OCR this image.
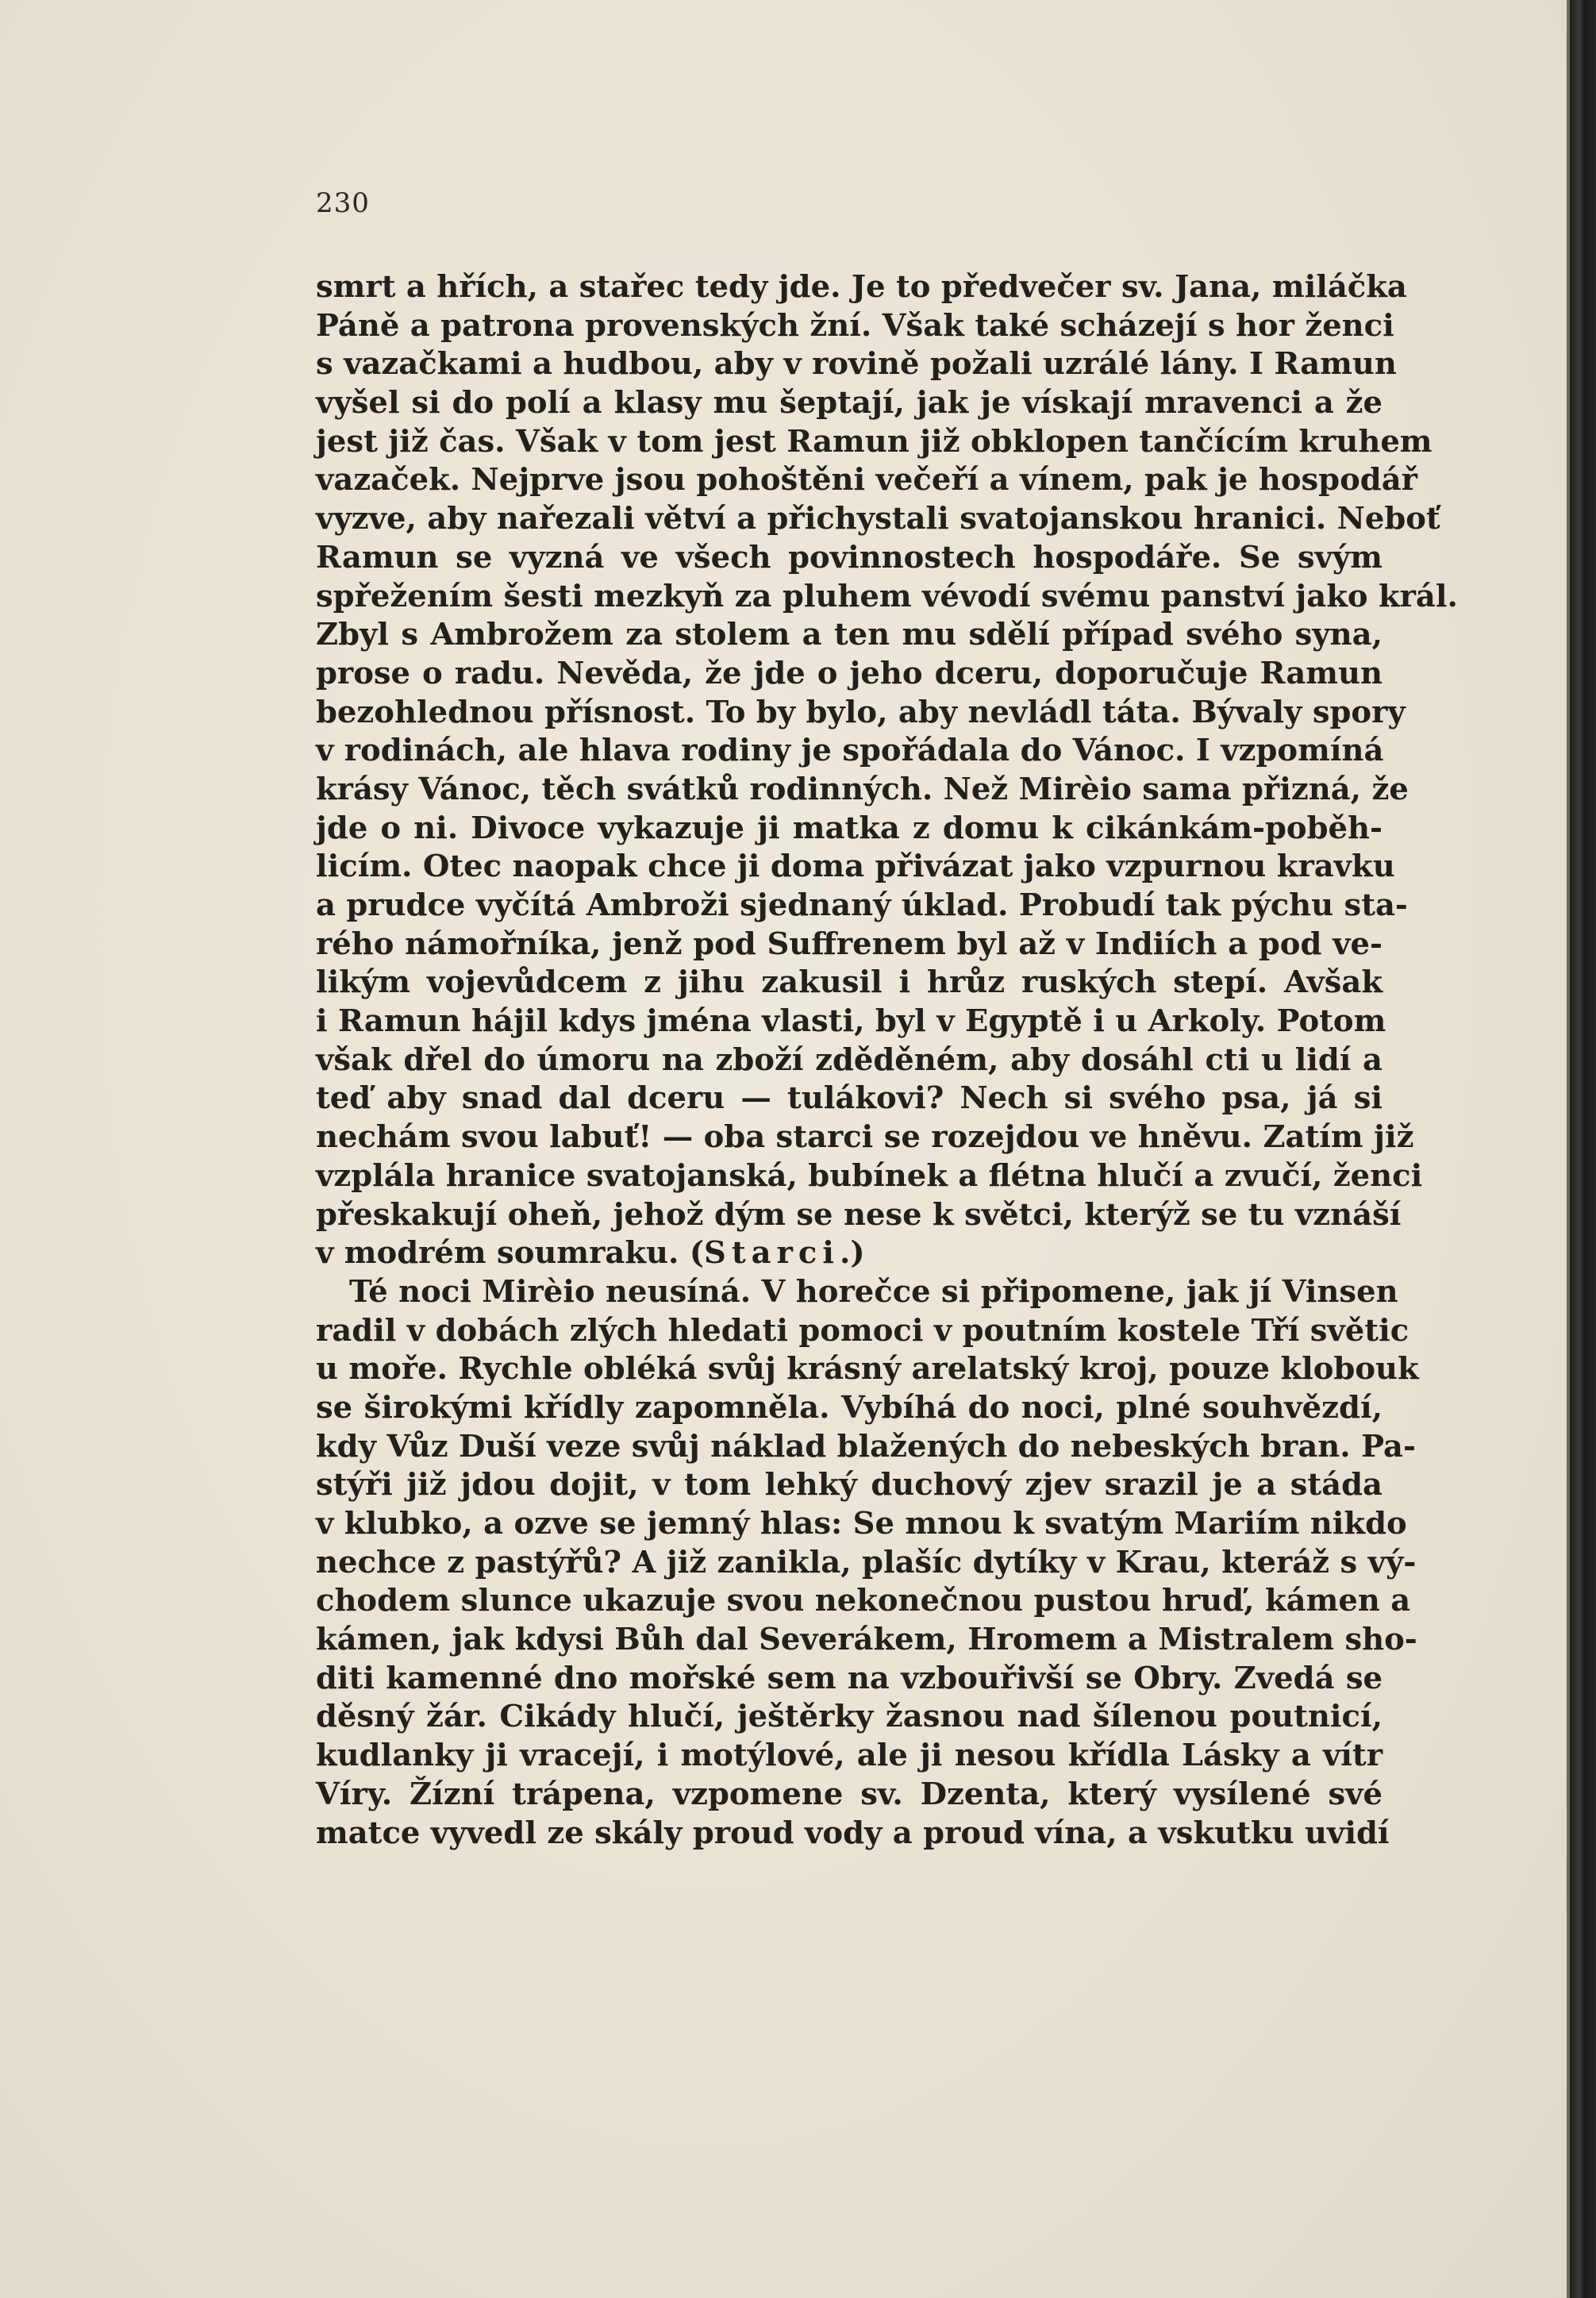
230
smrt a hřích, a stařec tedy jde. Je to předvečer sv. Jana, miláčka
Páně a patrona provenských žní. Však také scházejí s hor ženci
s vazačkami a hudbou, aby v rovině požali uzrálé lány. I Ramun
vyšel si do polí a klasy mu šeptají, jak je vískají mravenci a že
jest již čas. Však v tom jest Ramun již obklopen tančícím kruhem
vazaček. Nejprve jsou pohoštěni večeří a vínem, pak je hospodář
vyzve, aby nařezali větví a přichystali svatojanskou hranici. Neboť
Ramun se vyzná ve všech povinnostech hospodáře. Se svým
spřežením šesti mezkyň za pluhem vévodí svému panství jako král.
Zbyl s Ambrožem za stolem a ten mu sdělí případ svého syna,
prose o radu. Nevěda, že jde o jeho dceru, doporučuje Ramun
bezohlednou přísnost. To by bylo, aby nevládl táta. Bývaly spory
v rodinách, ale hlava rodiny je spořádala do Vánoc. I vzpomíná
krásy Vánoc, těch svátků rodinných. Než Mirèio sama přizná, že
jde o ni. Divoce vykazuje ji matka z domu k cikánkám-poběh-
licím. Otec naopak chce ji doma přivázat jako vzpurnou kravku
a prudce vyčítá Ambroži sjednaný úklad. Probudí tak pýchu sta-
rého námořníka, jenž pod Suffrenem byl až v Indiích a pod ve-
likým vojevůdcem z jihu zakusil i hrůz ruských stepí. Avšak
i Ramun hájil kdys jména vlasti, byl v Egyptě i u Arkoly. Potom
však dřel do úmoru na zboží zděděném, aby dosáhl cti u lidí a
teď aby snad dal dceru — tulákovi? Nech si svého psa, já si
nechám svou labuť! — oba starci se rozejdou ve hněvu. Zatím již
vzplála hranice svatojanská, bubínek a flétna hlučí a zvučí, ženci
přeskakují oheň, jehož dým se nese k světci, kterýž se tu vznáší
v modrém soumraku. (Starci.)
Té noci Mirèio neusíná. V horečce si připomene, jak jí Vinsen
radil v dobách zlých hledati pomoci v poutním kostele Tří světic
u moře. Rychle obléká svůj krásný arelatský kroj, pouze klobouk
se širokými křídly zapomněla. Vybíhá do noci, plné souhvězdí,
kdy Vůz Duší veze svůj náklad blažených do nebeských bran. Pa-
stýři již jdou dojit, v tom lehký duchový zjev srazil je a stáda
v klubko, a ozve se jemný hlas: Se mnou k svatým Mariím nikdo
nechce z pastýřů? A již zanikla, plašíc dytíky v Krau, kteráž s vý-
chodem slunce ukazuje svou nekonečnou pustou hruď, kámen a
kámen, jak kdysi Bůh dal Severákem, Hromem a Mistralem sho-
diti kamenné dno mořské sem na vzbouřivší se Obry. Zvedá se
děsný žár. Cikády hlučí, ještěrky žasnou nad šílenou poutnicí,
kudlanky ji vracejí, i motýlové, ale ji nesou křídla Lásky a vítr
Víry. Žízní trápena, vzpomene sv. Dzenta, který vysílené své
matce vyvedl ze skály proud vody a proud vína, a vskutku uvidí
